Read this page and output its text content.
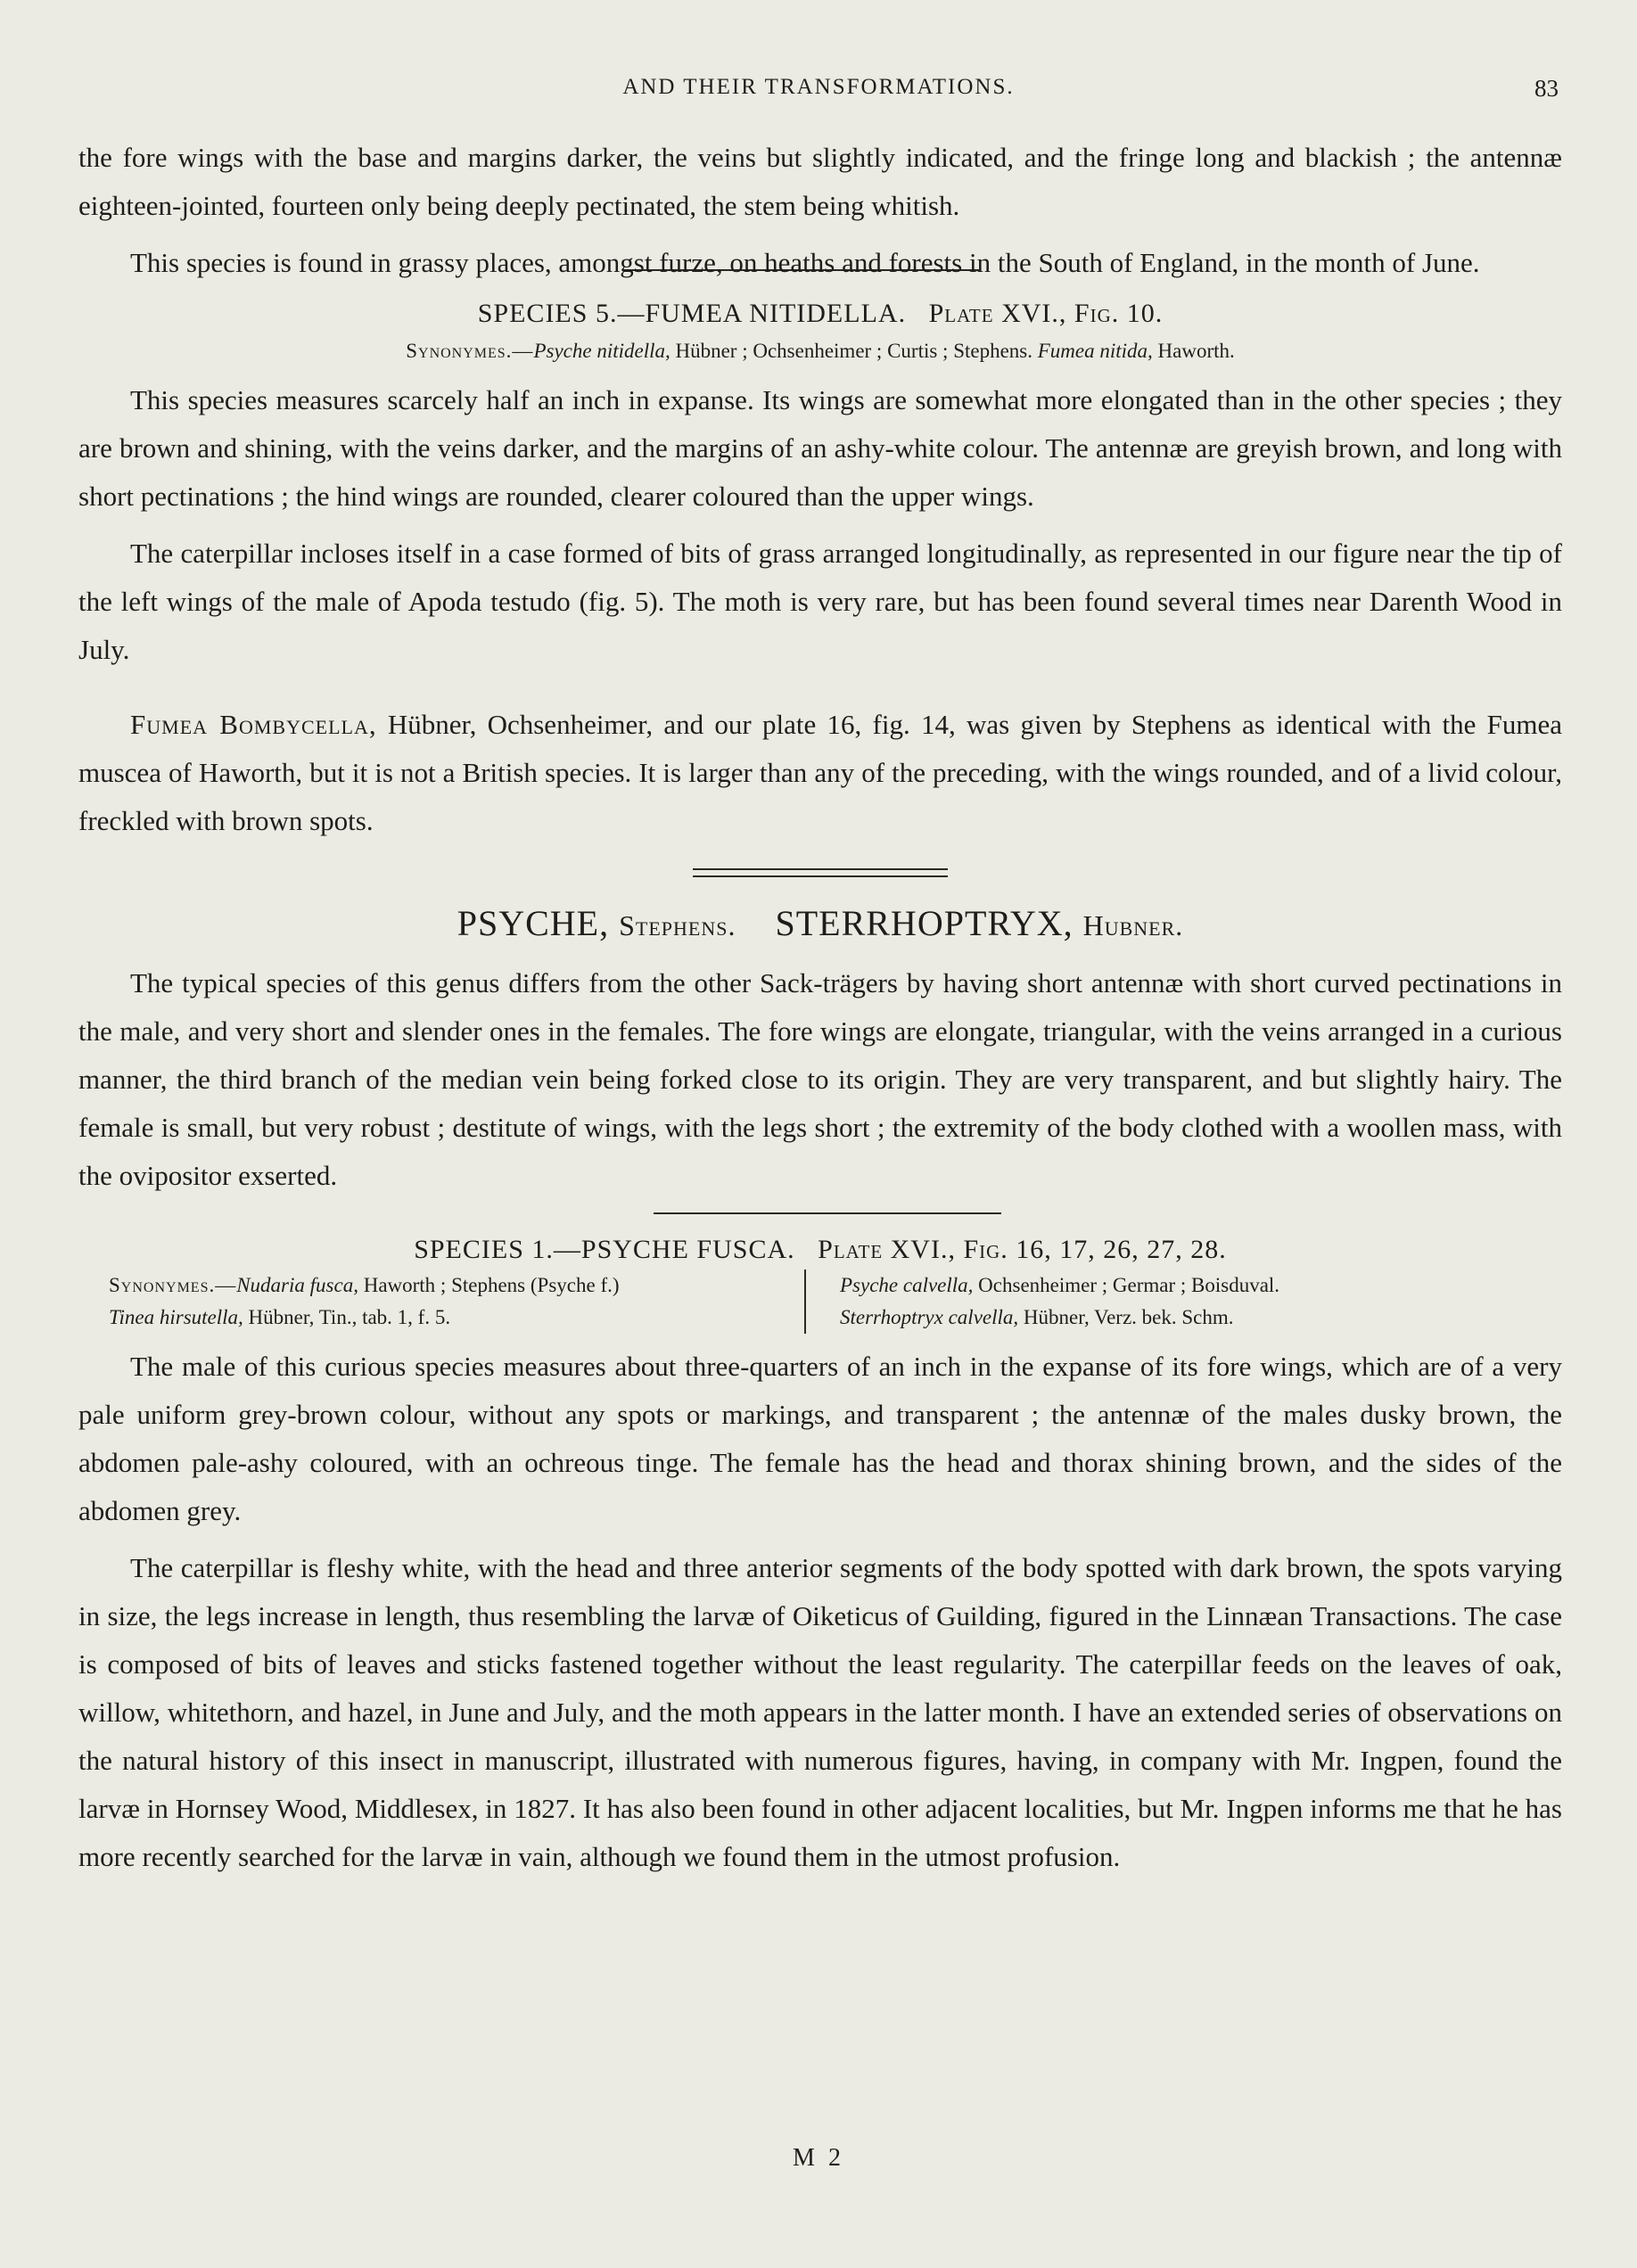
AND THEIR TRANSFORMATIONS.	83

the fore wings with the base and margins darker, the veins but slightly indicated, and the fringe long and blackish ; the antennæ eighteen-jointed, fourteen only being deeply pectinated, the stem being whitish.

This species is found in grassy places, amongst furze, on heaths and forests in the South of England, in the month of June.

SPECIES 5.—FUMEA NITIDELLA. Plate XVI., Fig. 10.
Synonymes.—Psyche nitidella, Hübner ; Ochsenheimer ; Curtis ; Stephens. Fumea nitida, Haworth.

This species measures scarcely half an inch in expanse. Its wings are somewhat more elongated than in the other species ; they are brown and shining, with the veins darker, and the margins of an ashy-white colour. The antennæ are greyish brown, and long with short pectinations ; the hind wings are rounded, clearer coloured than the upper wings.

The caterpillar incloses itself in a case formed of bits of grass arranged longitudinally, as represented in our figure near the tip of the left wings of the male of Apoda testudo (fig. 5). The moth is very rare, but has been found several times near Darenth Wood in July.

Fumea Bombycella, Hübner, Ochsenheimer, and our plate 16, fig. 14, was given by Stephens as identical with the Fumea muscea of Haworth, but it is not a British species. It is larger than any of the preceding, with the wings rounded, and of a livid colour, freckled with brown spots.

PSYCHE, Stephens. STERRHOPTRYX, Hubner.

The typical species of this genus differs from the other Sack-trägers by having short antennæ with short curved pectinations in the male, and very short and slender ones in the females. The fore wings are elongate, triangular, with the veins arranged in a curious manner, the third branch of the median vein being forked close to its origin. They are very transparent, and but slightly hairy. The female is small, but very robust ; destitute of wings, with the legs short ; the extremity of the body clothed with a woollen mass, with the ovipositor exserted.

SPECIES 1.—PSYCHE FUSCA. Plate XVI., Fig. 16, 17, 26, 27, 28.
Synonymes.—Nudaria fusca, Haworth ; Stephens (Psyche f.)
Tinea hirsutella, Hübner, Tin., tab. 1, f. 5.
Psyche calvella, Ochsenheimer ; Germar ; Boisduval.
Sterrhoptryx calvella, Hübner, Verz. bek. Schm.

The male of this curious species measures about three-quarters of an inch in the expanse of its fore wings, which are of a very pale uniform grey-brown colour, without any spots or markings, and transparent ; the antennæ of the males dusky brown, the abdomen pale-ashy coloured, with an ochreous tinge. The female has the head and thorax shining brown, and the sides of the abdomen grey.

The caterpillar is fleshy white, with the head and three anterior segments of the body spotted with dark brown, the spots varying in size, the legs increase in length, thus resembling the larvæ of Oiketicus of Guilding, figured in the Linnæan Transactions. The case is composed of bits of leaves and sticks fastened together without the least regularity. The caterpillar feeds on the leaves of oak, willow, whitethorn, and hazel, in June and July, and the moth appears in the latter month. I have an extended series of observations on the natural history of this insect in manuscript, illustrated with numerous figures, having, in company with Mr. Ingpen, found the larvæ in Hornsey Wood, Middlesex, in 1827. It has also been found in other adjacent localities, but Mr. Ingpen informs me that he has more recently searched for the larvæ in vain, although we found them in the utmost profusion.

M 2
